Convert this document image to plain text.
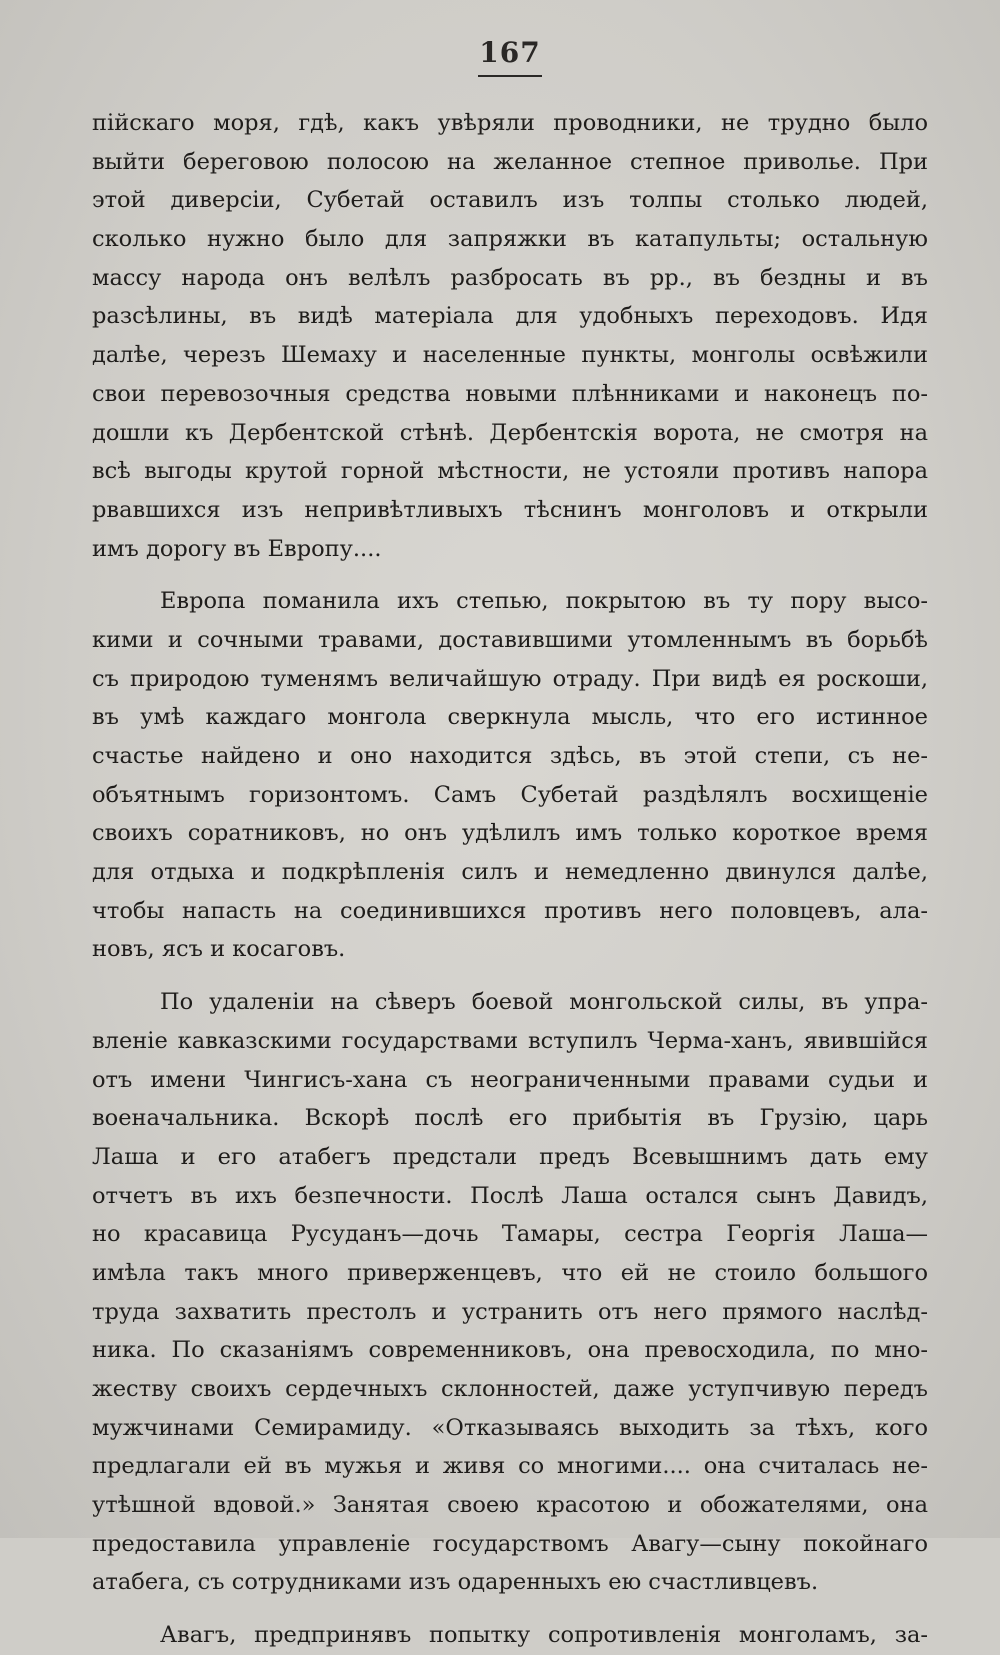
167
пійскаго моря, гдѣ, какъ увѣряли проводники, не трудно было
выйти береговою полосою на желанное степное приволье. При
этой диверсіи, Субетай оставилъ изъ толпы столько людей,
сколько нужно было для запряжки въ катапульты; остальную
массу народа онъ велѣлъ разбросать въ рр., въ бездны и въ
разсѣлины, въ видѣ матеріала для удобныхъ переходовъ. Идя
далѣе, черезъ Шемаху и населенные пункты, монголы освѣжили
свои перевозочныя средства новыми плѣнниками и наконецъ по-
дошли къ Дербентской стѣнѣ. Дербентскія ворота, не смотря на
всѣ выгоды крутой горной мѣстности, не устояли противъ напора
рвавшихся изъ непривѣтливыхъ тѣснинъ монголовъ и открыли
имъ дорогу въ Европу....
Европа поманила ихъ степью, покрытою въ ту пору высо-
кими и сочными травами, доставившими утомленнымъ въ борьбѣ
съ природою туменямъ величайшую отраду. При видѣ ея роскоши,
въ умѣ каждаго монгола сверкнула мысль, что его истинное
счастье найдено и оно находится здѣсь, въ этой степи, съ не-
объятнымъ горизонтомъ. Самъ Субетай раздѣлялъ восхищеніе
своихъ соратниковъ, но онъ удѣлилъ имъ только короткое время
для отдыха и подкрѣпленія силъ и немедленно двинулся далѣе,
чтобы напасть на соединившихся противъ него половцевъ, ала-
новъ, ясъ и косаговъ.
По удаленіи на сѣверъ боевой монгольской силы, въ упра-
вленіе кавказскими государствами вступилъ Черма-ханъ, явившійся
отъ имени Чингисъ-хана съ неограниченными правами судьи и
военачальника. Вскорѣ послѣ его прибытія въ Грузію, царь
Лаша и его атабегъ предстали предъ Всевышнимъ дать ему
отчетъ въ ихъ безпечности. Послѣ Лаша остался сынъ Давидъ,
но красавица Русуданъ—дочь Тамары, сестра Георгія Лаша—
имѣла такъ много приверженцевъ, что ей не стоило большого
труда захватить престолъ и устранить отъ него прямого наслѣд-
ника. По сказаніямъ современниковъ, она превосходила, по мно-
жеству своихъ сердечныхъ склонностей, даже уступчивую передъ
мужчинами Семирамиду. «Отказываясь выходить за тѣхъ, кого
предлагали ей въ мужья и живя со многими.... она считалась не-
утѣшной вдовой.» Занятая своею красотою и обожателями, она
предоставила управленіе государствомъ Авагу—сыну покойнаго
атабега, съ сотрудниками изъ одаренныхъ ею счастливцевъ.
Авагъ, предпринявъ попытку сопротивленія монголамъ, за-
